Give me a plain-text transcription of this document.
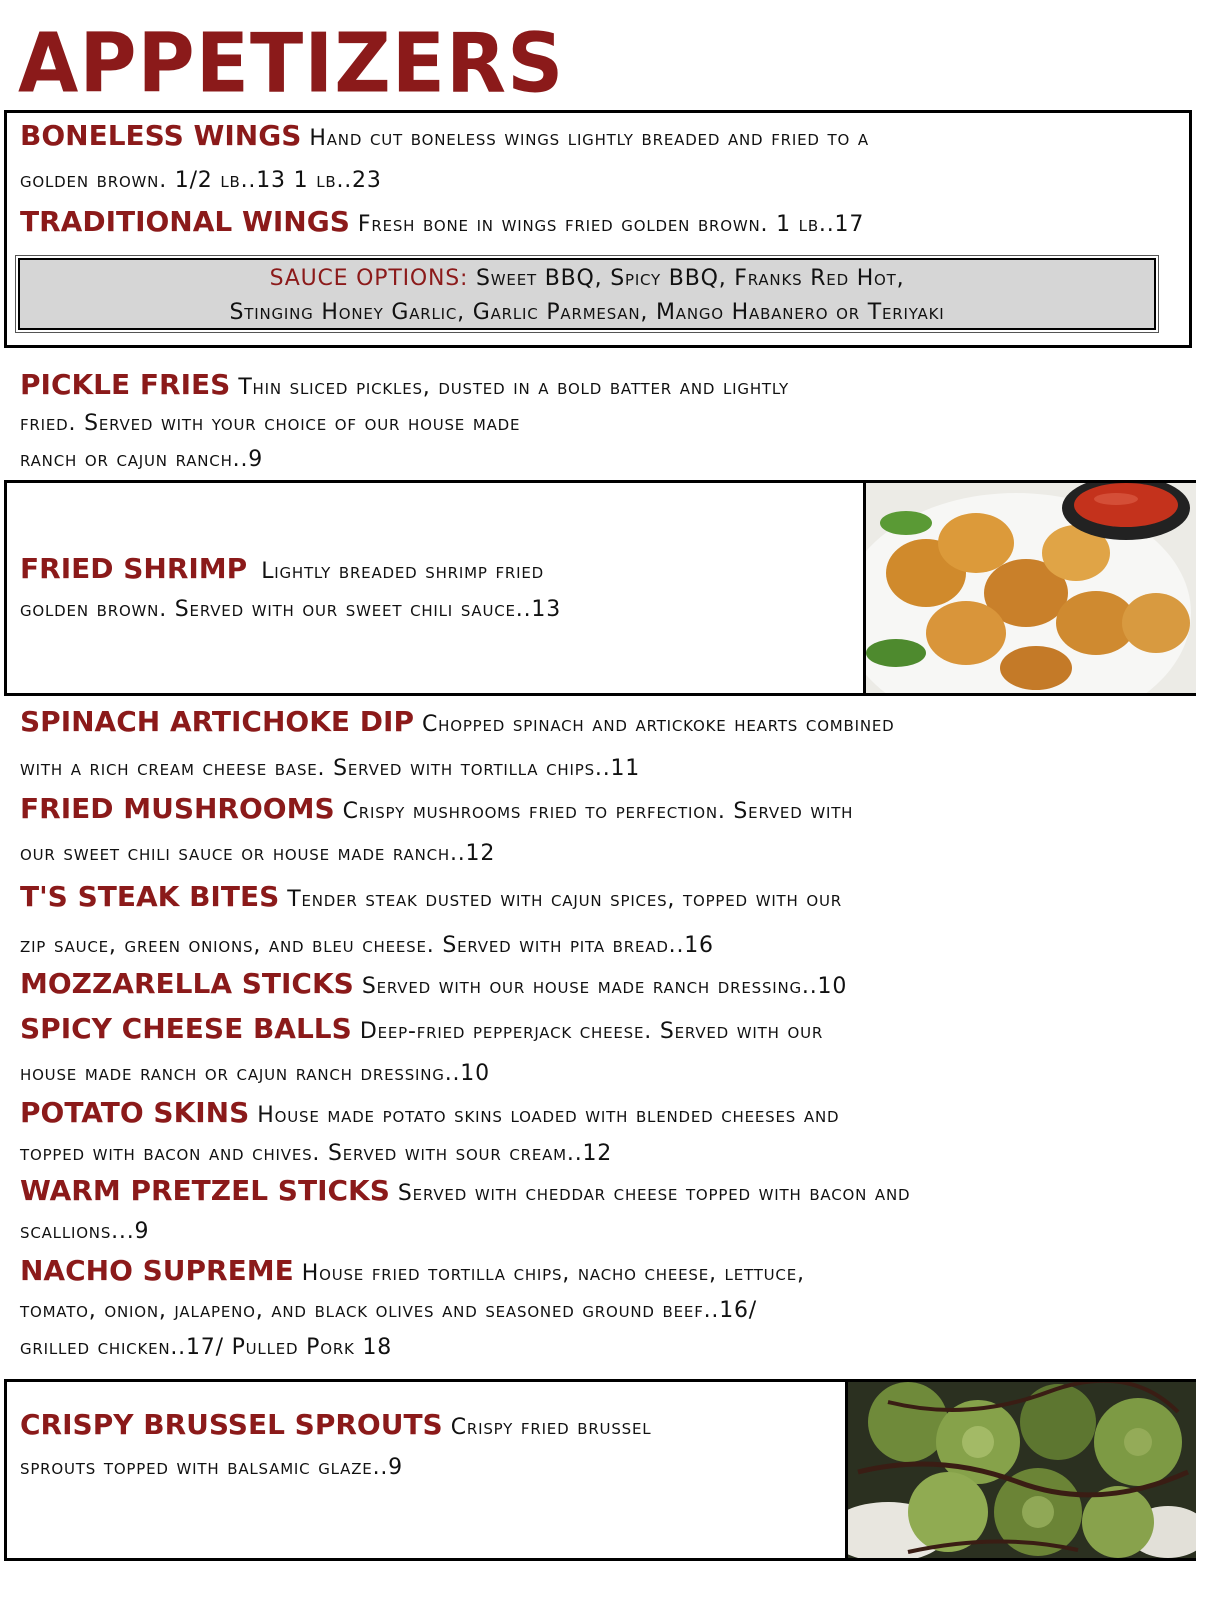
APPETIZERS
BONELESS WINGS Hand cut boneless wings lightly breaded and fried to a
golden brown. 1/2 lb..13 1 lb..23
TRADITIONAL WINGS Fresh bone in wings fried golden brown. 1 lb..17
SAUCE OPTIONS: Sweet BBQ, Spicy BBQ, Franks Red Hot,
Stinging Honey Garlic, Garlic Parmesan, Mango Habanero or Teriyaki
PICKLE FRIES Thin sliced pickles, dusted in a bold batter and lightly
fried. Served with your choice of our house made
ranch or cajun ranch..9
FRIED SHRIMP Lightly breaded shrimp fried
golden brown. Served with our sweet chili sauce..13
SPINACH ARTICHOKE DIP Chopped spinach and artickoke hearts combined
with a rich cream cheese base. Served with tortilla chips..11
FRIED MUSHROOMS Crispy mushrooms fried to perfection. Served with
our sweet chili sauce or house made ranch..12
T'S STEAK BITES Tender steak dusted with cajun spices, topped with our
zip sauce, green onions, and bleu cheese. Served with pita bread..16
MOZZARELLA STICKS Served with our house made ranch dressing..10
SPICY CHEESE BALLS Deep-fried pepperjack cheese. Served with our
house made ranch or cajun ranch dressing..10
POTATO SKINS House made potato skins loaded with blended cheeses and
topped with bacon and chives. Served with sour cream..12
WARM PRETZEL STICKS Served with cheddar cheese topped with bacon and
scallions...9
NACHO SUPREME House fried tortilla chips, nacho cheese, lettuce,
tomato, onion, jalapeno, and black olives and seasoned ground beef..16/
grilled chicken..17/ Pulled Pork 18
CRISPY BRUSSEL SPROUTS Crispy fried brussel
sprouts topped with balsamic glaze..9
